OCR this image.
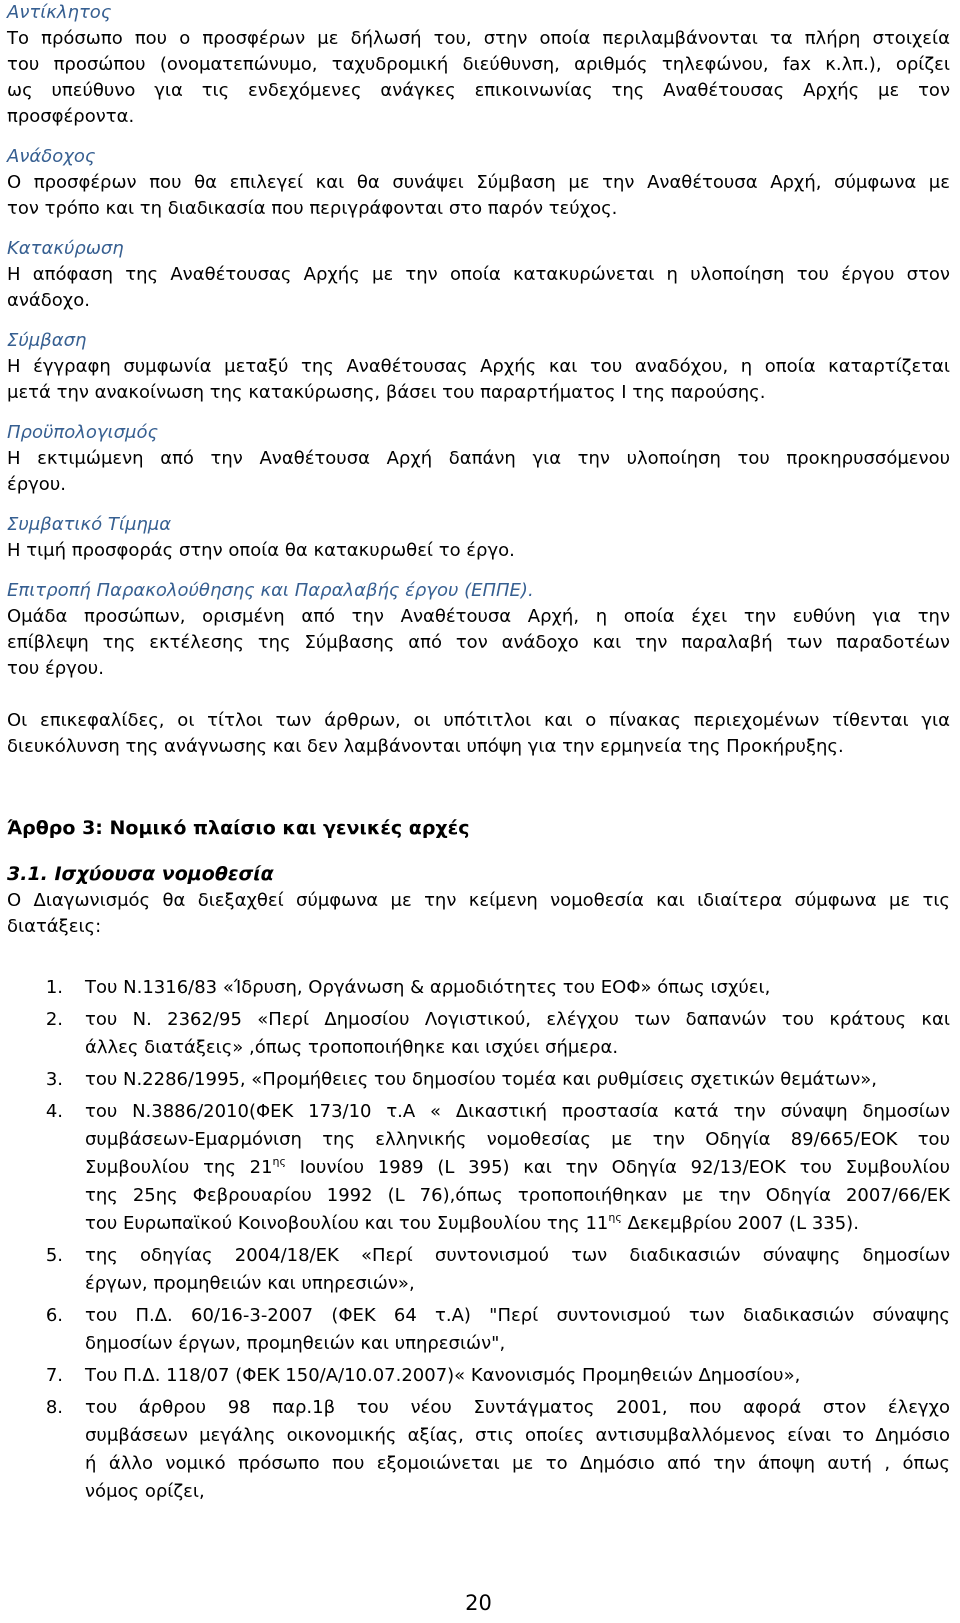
Αντίκλητος

Το πρόσωπο που ο προσφέρων με δήλωσή του, στην οποία περιλαμβάνονται τα πλήρη στοιχεία

του προσώπου (ονοματεπώνυμο, ταχυδρομική διεύθυνση, αριθμός τηλεφώνου, fax κ.λπ.), ορίζει

ως υπεύθυνο για τις ενδεχόμενες ανάγκες επικοινωνίας της Αναθέτουσας Αρχής με τον

προσφέροντα.

Ανάδοχος

Ο προσφέρων που θα επιλεγεί και θα συνάψει Σύμβαση με την Αναθέτουσα Αρχή, σύμφωνα με

τον τρόπο και τη διαδικασία που περιγράφονται στο παρόν τεύχος.

Κατακύρωση

Η απόφαση της Αναθέτουσας Αρχής με την οποία κατακυρώνεται η υλοποίηση του έργου στον

ανάδοχο.

Σύμβαση

Η έγγραφη συμφωνία μεταξύ της Αναθέτουσας Αρχής και του αναδόχου, η οποία καταρτίζεται

μετά την ανακοίνωση της κατακύρωσης, βάσει του παραρτήματος Ι της παρούσης.

Προϋπολογισμός

Η εκτιμώμενη από την Αναθέτουσα Αρχή δαπάνη για την υλοποίηση του προκηρυσσόμενου

έργου.

Συμβατικό Τίμημα

Η τιμή προσφοράς στην οποία θα κατακυρωθεί το έργο.

Επιτροπή Παρακολούθησης και Παραλαβής έργου (ΕΠΠΕ).

Ομάδα προσώπων, ορισμένη από την Αναθέτουσα Αρχή, η οποία έχει την ευθύνη για την

επίβλεψη της εκτέλεσης της Σύμβασης από τον ανάδοχο και την παραλαβή των παραδοτέων

του έργου.

Οι επικεφαλίδες, οι τίτλοι των άρθρων, οι υπότιτλοι και ο πίνακας περιεχομένων τίθενται για

διευκόλυνση της ανάγνωσης και δεν λαμβάνονται υπόψη για την ερμηνεία της Προκήρυξης.

Άρθρο 3: Νομικό πλαίσιο και γενικές αρχές

3.1. Ισχύουσα νομοθεσία

Ο Διαγωνισμός θα διεξαχθεί σύμφωνα με την κείμενη νομοθεσία και ιδιαίτερα σύμφωνα με τις

διατάξεις:

1. Του Ν.1316/83 «Ίδρυση, Οργάνωση & αρμοδιότητες του ΕΟΦ» όπως ισχύει,
2. του Ν. 2362/95 «Περί Δημοσίου Λογιστικού, ελέγχου των δαπανών του κράτους και
άλλες διατάξεις» ,όπως τροποποιήθηκε και ισχύει σήμερα.
3. του Ν.2286/1995, «Προμήθειες του δημοσίου τομέα και ρυθμίσεις σχετικών θεμάτων»,
4. του Ν.3886/2010(ΦΕΚ 173/10 τ.Α « Δικαστική προστασία κατά την σύναψη δημοσίων
συμβάσεων-Εμαρμόνιση της ελληνικής νομοθεσίας με την Οδηγία 89/665/ΕΟΚ του
Συμβουλίου της $21^{\eta\varsigma}$ Ιουνίου 1989 (L 395) και την Οδηγία 92/13/ΕΟΚ του Συμβουλίου
της 25ης Φεβρουαρίου 1992 (L 76),όπως τροποποιήθηκαν με την Οδηγία 2007/66/ΕΚ
του Ευρωπαϊκού Κοινοβουλίου και του Συμβουλίου της $11^{\eta\varsigma}$ Δεκεμβρίου 2007 (L 335).
5. της οδηγίας 2004/18/ΕΚ «Περί συντονισμού των διαδικασιών σύναψης δημοσίων
έργων, προμηθειών και υπηρεσιών»,
6. του Π.Δ. 60/16-3-2007 (ΦΕΚ 64 τ.Α) "Περί συντονισμού των διαδικασιών σύναψης
δημοσίων έργων, προμηθειών και υπηρεσιών",
7. Του Π.Δ. 118/07 (ΦΕΚ 150/Α/10.07.2007)« Κανονισμός Προμηθειών Δημοσίου»,
8. του άρθρου 98 παρ.1β του νέου Συντάγματος 2001, που αφορά στον έλεγχο
συμβάσεων μεγάλης οικονομικής αξίας, στις οποίες αντισυμβαλλόμενος είναι το Δημόσιο
ή άλλο νομικό πρόσωπο που εξομοιώνεται με το Δημόσιο από την άποψη αυτή , όπως
νόμος ορίζει,
20
